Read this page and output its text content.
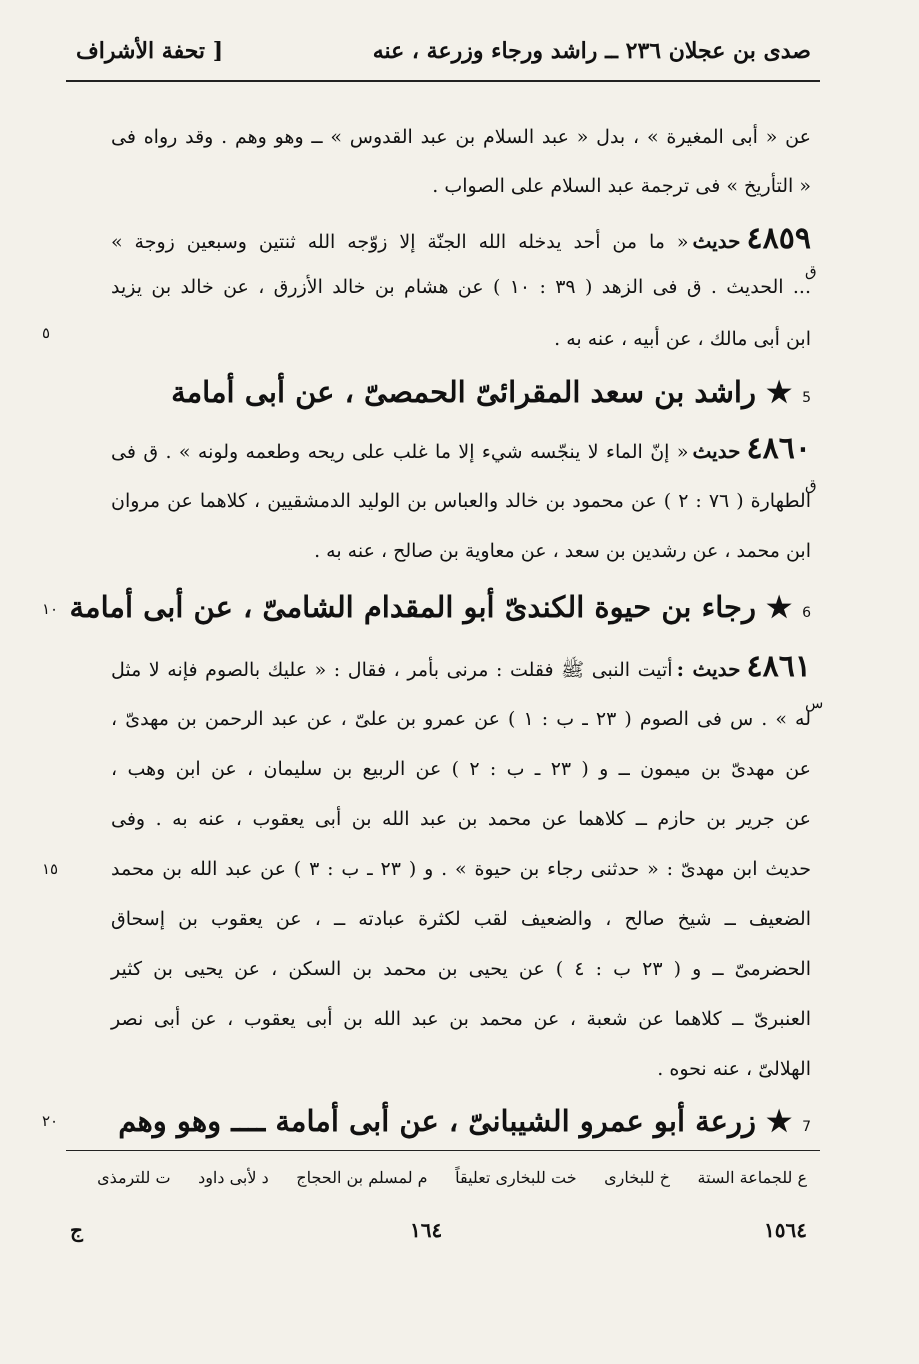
صدى بن عجلان ٢٣٦ ــ راشد ورجاء وزرعة ، عنه
[ تحفة الأشراف
عن « أبى المغيرة » ، بدل « عبد السلام بن عبد القدوس » ــ وهو وهم . وقد رواه فى
« التأريخ » فى ترجمة عبد السلام على الصواب .
٤٨٥٩حديث« ما من أحد يدخله الله الجنّة إلا زوّجه الله ثنتين وسبعين زوجة »
ق
... الحديث . ق فى الزهد ( ٣٩ : ١٠ ) عن هشام بن خالد الأزرق ، عن خالد بن يزيد
ابن أبى مالك ، عن أبيه ، عنه به .
٥
5★ راشد بن سعد المقرائىّ الحمصىّ ، عن أبى أمامة
٤٨٦٠حديث« إنّ الماء لا ينجّسه شيء إلا ما غلب على ريحه وطعمه ولونه » . ق فى
ق
الطهارة ( ٧٦ : ٢ ) عن محمود بن خالد والعباس بن الوليد الدمشقيين ، كلاهما عن مروان
ابن محمد ، عن رشدين بن سعد ، عن معاوية بن صالح ، عنه به .
6★ رجاء بن حيوة الكندىّ أبو المقدام الشامىّ ، عن أبى أمامة
١٠
٤٨٦١حديث :أتيت النبى ﷺ فقلت : مرنى بأمر ، فقال : « عليك بالصوم فإنه لا مثل
س
له » . س فى الصوم ( ٢٣ ـ ب : ١ ) عن عمرو بن علىّ ، عن عبد الرحمن بن مهدىّ ،
عن مهدىّ بن ميمون ــ و ( ٢٣ ـ ب : ٢ ) عن الربيع بن سليمان ، عن ابن وهب ،
عن جرير بن حازم ــ كلاهما عن محمد بن عبد الله بن أبى يعقوب ، عنه به . وفى
حديث ابن مهدىّ : « حدثنى رجاء بن حيوة » . و ( ٢٣ ـ ب : ٣ ) عن عبد الله بن محمد
١٥
الضعيف ــ شيخ صالح ، والضعيف لقب لكثرة عبادته ــ ، عن يعقوب بن إسحاق
الحضرمىّ ــ و ( ٢٣ ب : ٤ ) عن يحيى بن محمد بن السكن ، عن يحيى بن كثير
العنبرىّ ــ كلاهما عن شعبة ، عن محمد بن عبد الله بن أبى يعقوب ، عن أبى نصر
الهلالىّ ، عنه نحوه .
7★ زرعة أبو عمرو الشيبانىّ ، عن أبى أمامة ــــ وهو وهم
٢٠
ع للجماعة الستة
خ للبخارى
خت للبخارى تعليقاً
م لمسلم بن الحجاج
د لأبى داود
ت للترمذى
١٥٦٤
١٦٤
ج
